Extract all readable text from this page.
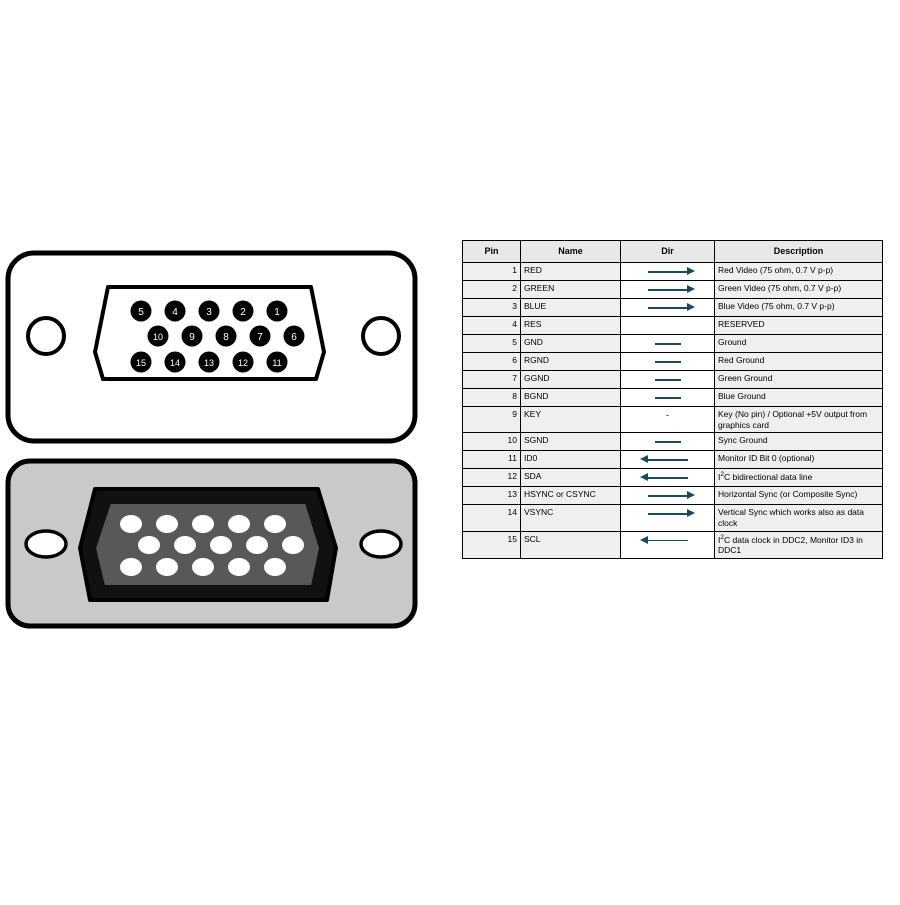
5	4	3	2	1
10	9	8	7	6
15	14	13	12	11
Pin	Name	Dir	Description
1	RED		Red Video (75 ohm, 0.7 V p-p)
2	GREEN		Green Video (75 ohm, 0.7 V p-p)
3	BLUE		Blue Video (75 ohm, 0.7 V p-p)
4	RES		RESERVED
5	GND		Ground
6	RGND		Red Ground
7	GGND		Green Ground
8	BGND		Blue Ground
9	KEY	-	Key (No pin) / Optional +5V output from graphics card
10	SGND		Sync Ground
11	ID0		Monitor ID Bit 0 (optional)
12	SDA		$I^2C$ bidirectional data line
13	HSYNC or CSYNC		Horizontal Sync (or Composite Sync)
14	VSYNC		Vertical Sync which works also as data clock
15	SCL		$I^2C$ data clock in DDC2, Monitor ID3 in DDC1
